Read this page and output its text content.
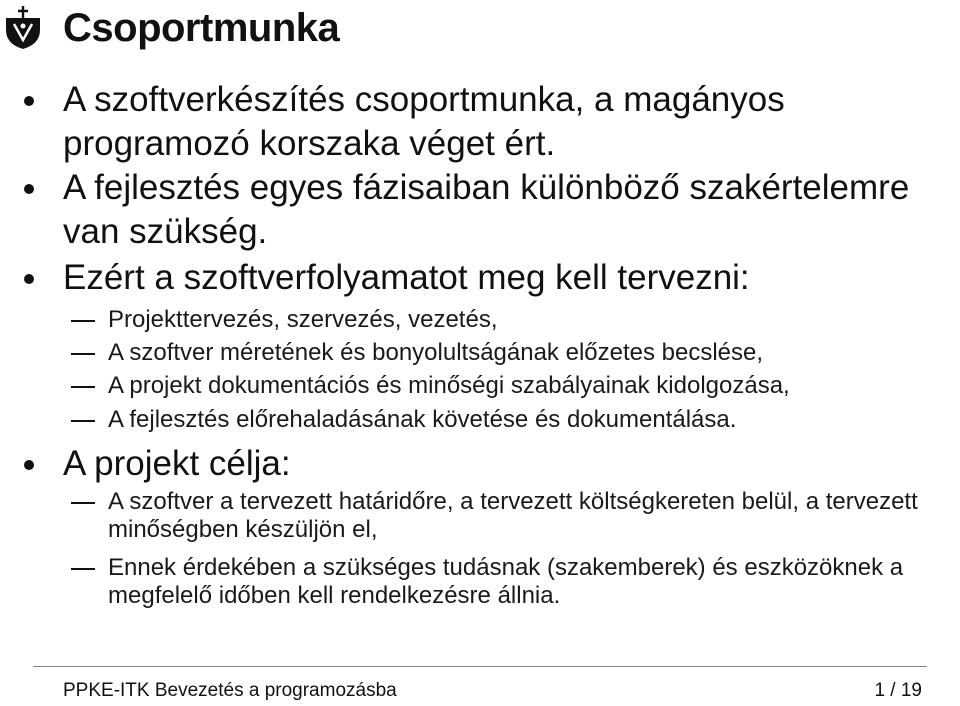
Csoportmunka

A szoftverkészítés csoportmunka, a magányos programozó korszaka véget ért.

A fejlesztés egyes fázisaiban különböző szakértelemre van szükség.

Ezért a szoftverfolyamatot meg kell tervezni:

Projekttervezés, szervezés, vezetés,

A szoftver méretének és bonyolultságának előzetes becslése,

A projekt dokumentációs és minőségi szabályainak kidolgozása,

A fejlesztés előrehaladásának követése és dokumentálása.

A projekt célja:

A szoftver a tervezett határidőre, a tervezett költségkereten belül, a tervezett minőségben készüljön el,

Ennek érdekében a szükséges tudásnak (szakemberek) és eszközöknek a megfelelő időben kell rendelkezésre állnia.

PPKE-ITK Bevezetés a programozásba	1 / 19
